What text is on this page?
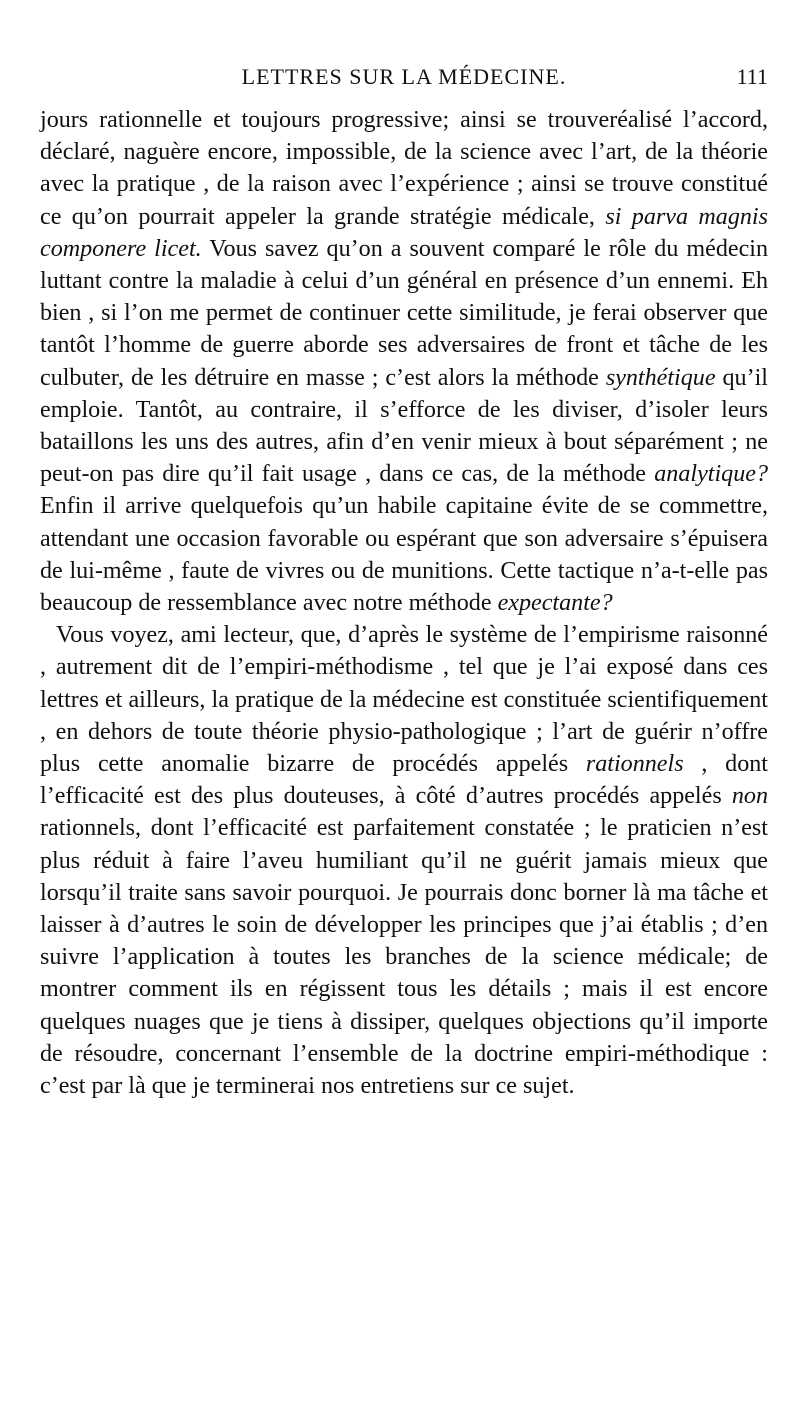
LETTRES SUR LA MÉDECINE.	111

jours rationnelle et toujours progressive; ainsi se trouveréalisé l’accord, déclaré, naguère encore, impossible, de la science avec l’art, de la théorie avec la pratique , de la raison avec l’expérience ; ainsi se trouve constitué ce qu’on pourrait appeler la grande stratégie médicale, si parva magnis componere licet. Vous savez qu’on a souvent comparé le rôle du médecin luttant contre la maladie à celui d’un général en présence d’un ennemi. Eh bien , si l’on me permet de continuer cette similitude, je ferai observer que tantôt l’homme de guerre aborde ses adversaires de front et tâche de les culbuter, de les détruire en masse ; c’est alors la méthode synthétique qu’il emploie. Tantôt, au contraire, il s’efforce de les diviser, d’isoler leurs bataillons les uns des autres, afin d’en venir mieux à bout séparément ; ne peut-on pas dire qu’il fait usage , dans ce cas, de la méthode analytique? Enfin il arrive quelquefois qu’un habile capitaine évite de se commettre, attendant une occasion favorable ou espérant que son adversaire s’épuisera de lui-même , faute de vivres ou de munitions. Cette tactique n’a-t-elle pas beaucoup de ressemblance avec notre méthode expectante?

Vous voyez, ami lecteur, que, d’après le système de l’empirisme raisonné , autrement dit de l’empiri-méthodisme , tel que je l’ai exposé dans ces lettres et ailleurs, la pratique de la médecine est constituée scientifiquement , en dehors de toute théorie physio-pathologique ; l’art de guérir n’offre plus cette anomalie bizarre de procédés appelés rationnels , dont l’efficacité est des plus douteuses, à côté d’autres procédés appelés non rationnels, dont l’efficacité est parfaitement constatée ; le praticien n’est plus réduit à faire l’aveu humiliant qu’il ne guérit jamais mieux que lorsqu’il traite sans savoir pourquoi. Je pourrais donc borner là ma tâche et laisser à d’autres le soin de développer les principes que j’ai établis ; d’en suivre l’application à toutes les branches de la science médicale; de montrer comment ils en régissent tous les détails ; mais il est encore quelques nuages que je tiens à dissiper, quelques objections qu’il importe de résoudre, concernant l’ensemble de la doctrine empiri-méthodique : c’est par là que je terminerai nos entretiens sur ce sujet.
